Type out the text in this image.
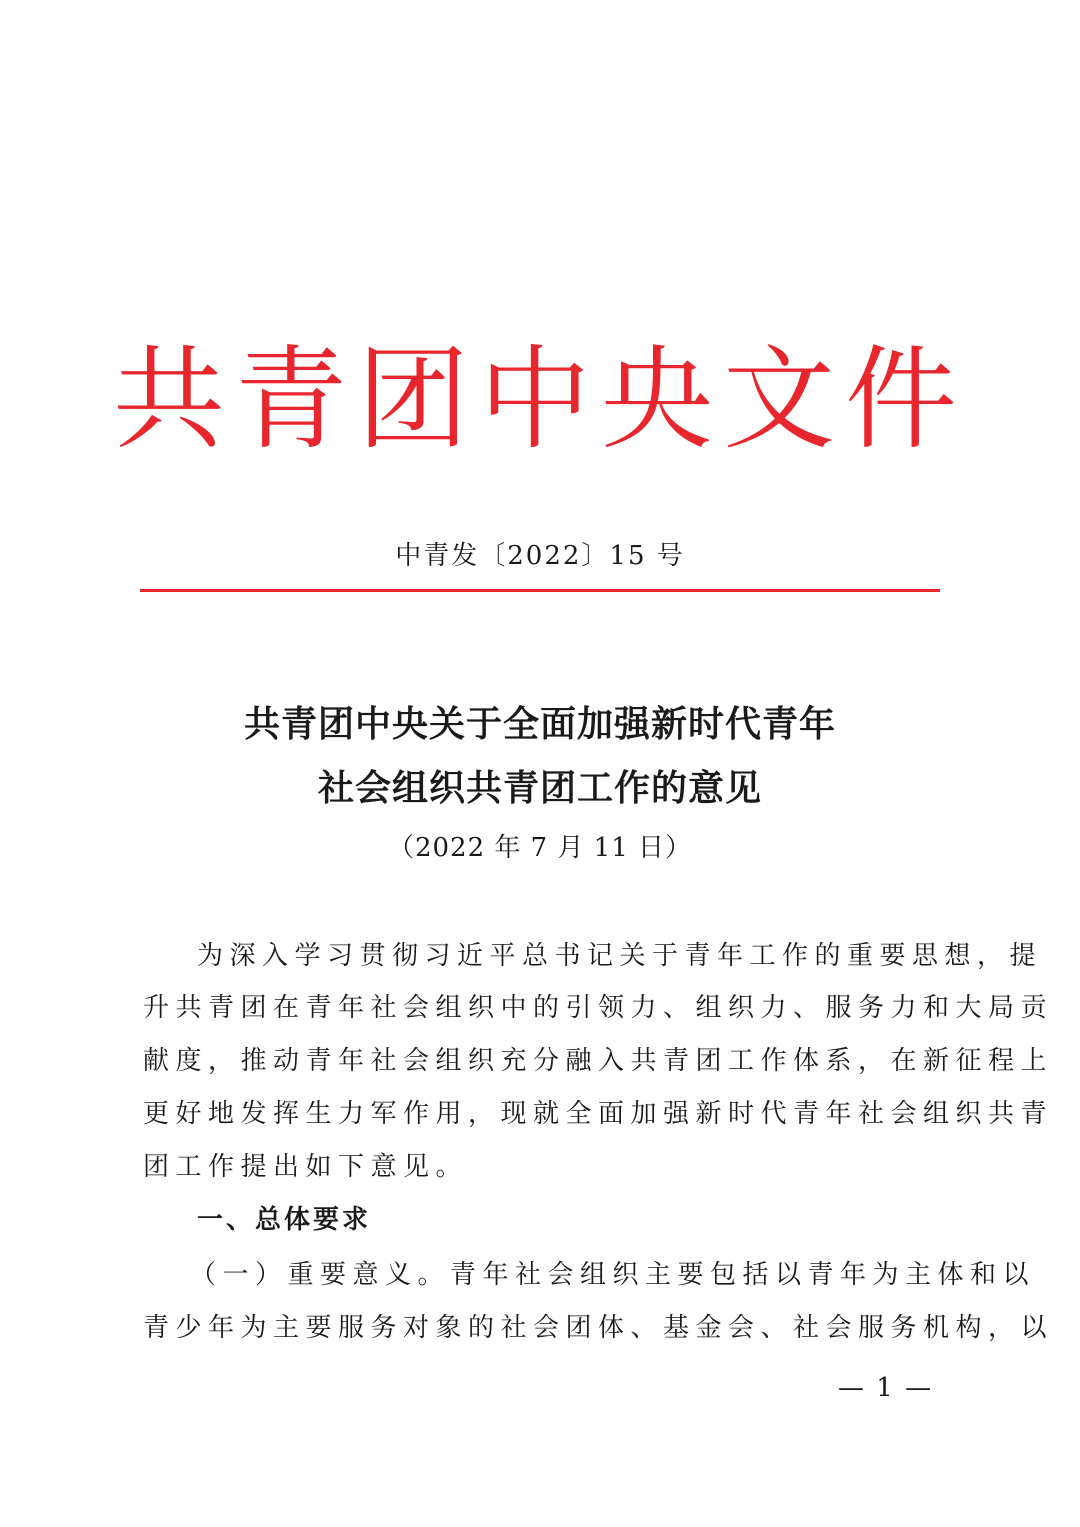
共青团中央文件
中青发〔2022〕15 号
共青团中央关于全面加强新时代青年
社会组织共青团工作的意见
（2022 年 7 月 11 日）
为深入学习贯彻习近平总书记关于青年工作的重要思想，提
升共青团在青年社会组织中的引领力、组织力、服务力和大局贡
献度，推动青年社会组织充分融入共青团工作体系，在新征程上
更好地发挥生力军作用，现就全面加强新时代青年社会组织共青
团工作提出如下意见。
一、总体要求
（一）重要意义。青年社会组织主要包括以青年为主体和以
青少年为主要服务对象的社会团体、基金会、社会服务机构，以
— 1 —
